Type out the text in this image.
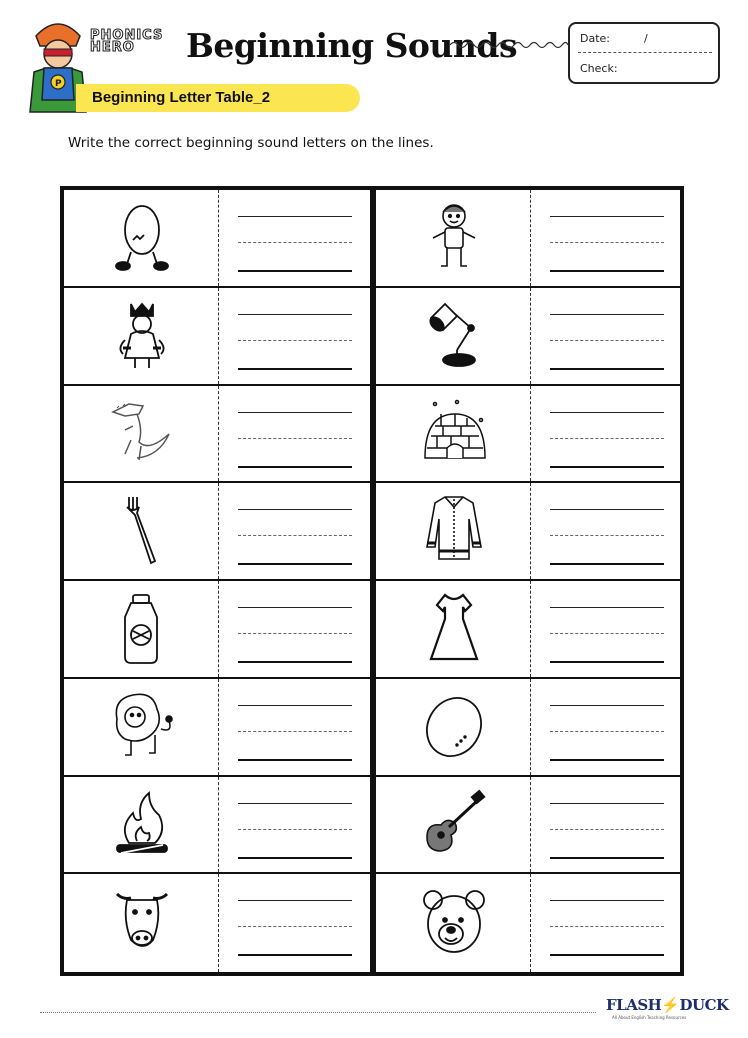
P
PHONICS
HERO	Beginning Sounds	Date:	/
Check:
Beginning Letter Table_2
Write the correct beginning sound letters on the lines.
FLASH⚡DUCK
All About English Teaching Resources
